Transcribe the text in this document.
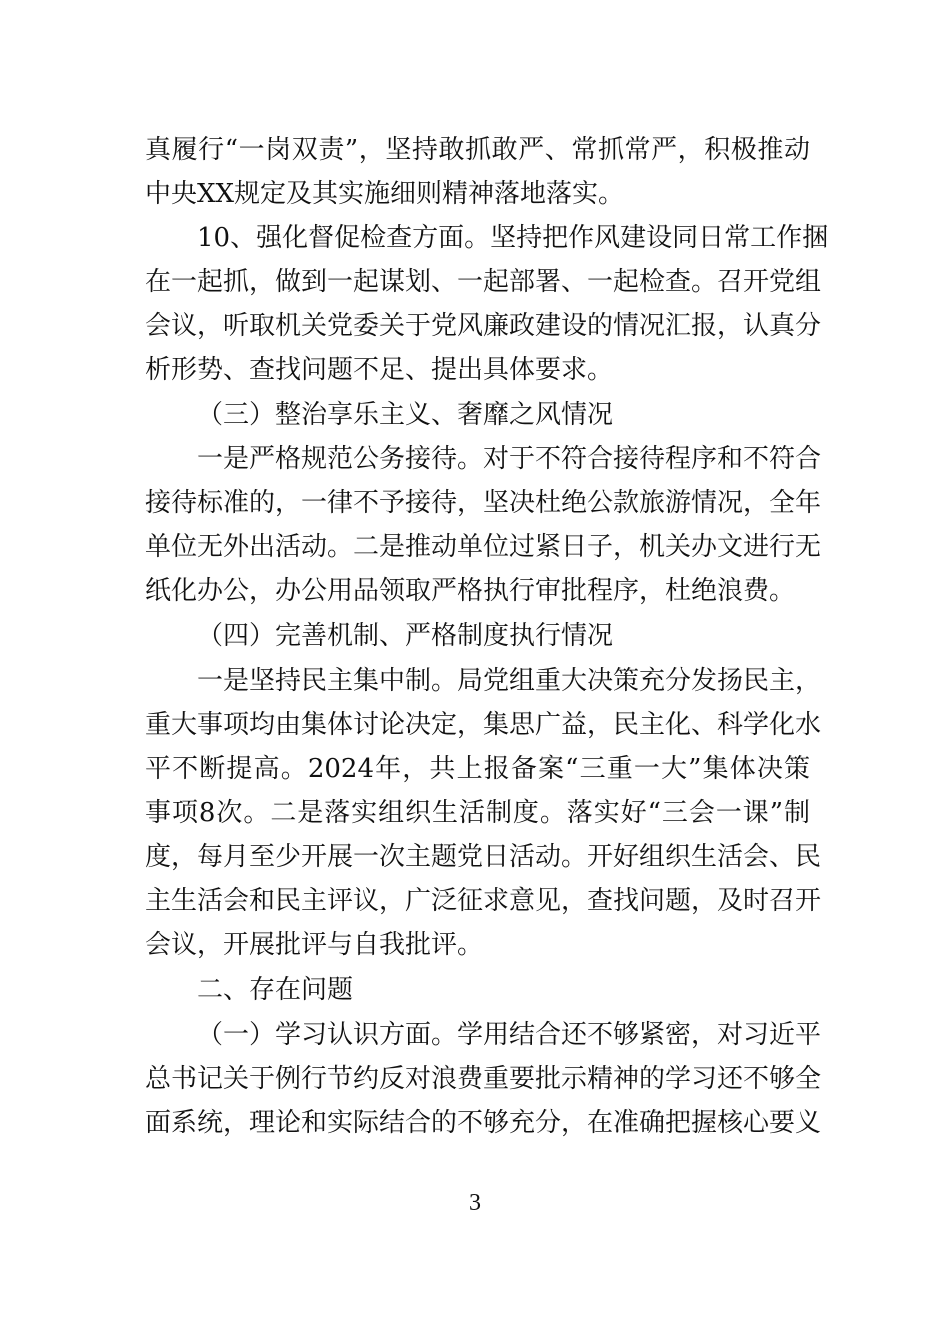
真履行“一岗双责”，坚持敢抓敢严、常抓常严，积极推动
中央XX规定及其实施细则精神落地落实。
10、强化督促检查方面。坚持把作风建设同日常工作捆
在一起抓，做到一起谋划、一起部署、一起检查。召开党组
会议，听取机关党委关于党风廉政建设的情况汇报，认真分
析形势、查找问题不足、提出具体要求。
（三）整治享乐主义、奢靡之风情况
一是严格规范公务接待。对于不符合接待程序和不符合
接待标准的，一律不予接待，坚决杜绝公款旅游情况，全年
单位无外出活动。二是推动单位过紧日子，机关办文进行无
纸化办公，办公用品领取严格执行审批程序，杜绝浪费。
（四）完善机制、严格制度执行情况
一是坚持民主集中制。局党组重大决策充分发扬民主，
重大事项均由集体讨论决定，集思广益，民主化、科学化水
平不断提高。2024年，共上报备案“三重一大”集体决策
事项8次。二是落实组织生活制度。落实好“三会一课”制
度，每月至少开展一次主题党日活动。开好组织生活会、民
主生活会和民主评议，广泛征求意见，查找问题，及时召开
会议，开展批评与自我批评。
二、存在问题
（一）学习认识方面。学用结合还不够紧密，对习近平
总书记关于例行节约反对浪费重要批示精神的学习还不够全
面系统，理论和实际结合的不够充分，在准确把握核心要义
3
